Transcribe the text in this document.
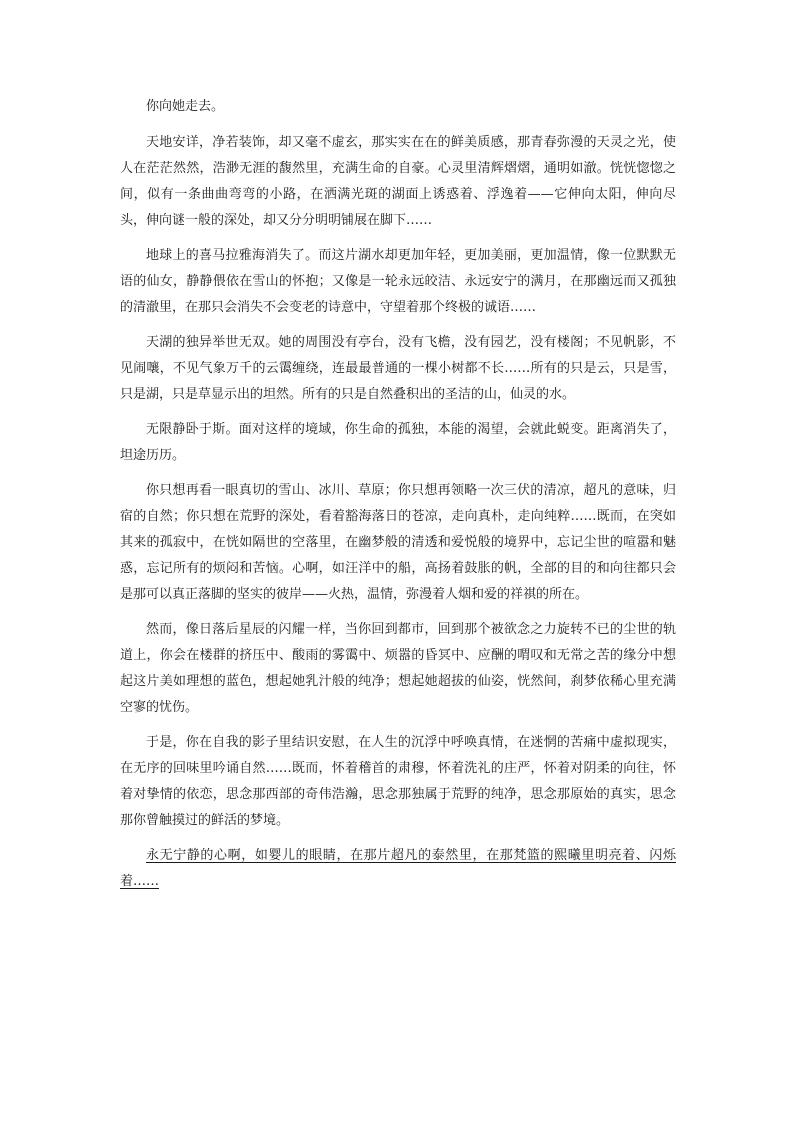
你向她走去。

天地安详，净若装饰，却又毫不虚玄，那实实在在的鲜美质感，那青春弥漫的天灵之光，使人在茫茫然然，浩渺无涯的馥然里，充满生命的自豪。心灵里清辉熠熠，通明如澈。恍恍惚惚之间，似有一条曲曲弯弯的小路，在洒满光斑的湖面上诱惑着、浮逸着——它伸向太阳，伸向尽头，伸向谜一般的深处，却又分分明明铺展在脚下……

地球上的喜马拉雅海消失了。而这片湖水却更加年轻，更加美丽，更加温情，像一位默默无语的仙女，静静偎依在雪山的怀抱；又像是一轮永远皎洁、永远安宁的满月，在那幽远而又孤独的清澈里，在那只会消失不会变老的诗意中，守望着那个终极的诚语……

天湖的独异举世无双。她的周围没有亭台，没有飞檐，没有园艺，没有楼阁；不见帆影，不见闹嚷，不见气象万千的云霭缠绕，连最最普通的一棵小树都不长……所有的只是云，只是雪，只是湖，只是草显示出的坦然。所有的只是自然叠积出的圣洁的山，仙灵的水。

无限静卧于斯。面对这样的境域，你生命的孤独，本能的渴望，会就此蜕变。距离消失了，坦途历历。

你只想再看一眼真切的雪山、冰川、草原；你只想再领略一次三伏的清凉，超凡的意味，归宿的自然；你只想在荒野的深处，看着豁海落日的苍凉，走向真朴，走向纯粹……既而，在突如其来的孤寂中，在恍如隔世的空落里，在幽梦般的清透和爱悦般的境界中，忘记尘世的喧嚣和魅惑，忘记所有的烦闷和苦恼。心啊，如汪洋中的船，高扬着鼓胀的帆，全部的目的和向往都只会是那可以真正落脚的坚实的彼岸——火热，温情，弥漫着人烟和爱的祥祺的所在。

然而，像日落后星辰的闪耀一样，当你回到都市，回到那个被欲念之力旋转不已的尘世的轨道上，你会在楼群的挤压中、酸雨的雾霭中、烦嚣的昏冥中、应酬的喟叹和无常之苦的缘分中想起这片美如理想的蓝色，想起她乳汁般的纯净；想起她超拔的仙姿，恍然间，刹梦依稀心里充满空寥的忧伤。

于是，你在自我的影子里结识安慰，在人生的沉浮中呼唤真情，在迷惘的苦痛中虚拟现实，在无序的回味里吟诵自然……既而，怀着稽首的肃穆，怀着洗礼的庄严，怀着对阴柔的向往，怀着对挚情的依恋，思念那西部的奇伟浩瀚，思念那独属于荒野的纯净，思念那原始的真实，思念那你曾触摸过的鲜活的梦境。

永无宁静的心啊，如婴儿的眼睛，在那片超凡的泰然里，在那梵篮的熙曦里明亮着、闪烁着……
